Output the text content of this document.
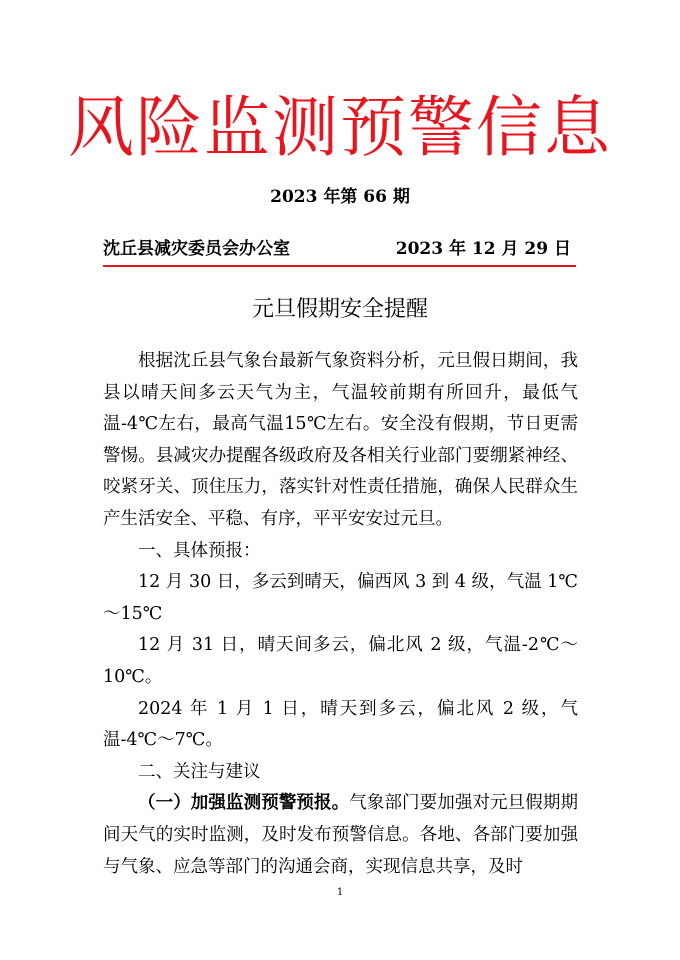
风险监测预警信息
2023 年第 66 期
沈丘县减灾委员会办公室	2023 年 12 月 29 日
元旦假期安全提醒

根据沈丘县气象台最新气象资料分析，元旦假日期间，我县以晴天间多云天气为主，气温较前期有所回升，最低气温-4℃左右，最高气温15℃左右。安全没有假期，节日更需警惕。县减灾办提醒各级政府及各相关行业部门要绷紧神经、咬紧牙关、顶住压力，落实针对性责任措施，确保人民群众生产生活安全、平稳、有序，平平安安过元旦。

一、具体预报：

12 月 30 日，多云到晴天，偏西风 3 到 4 级，气温 1℃～15℃

12 月 31 日，晴天间多云，偏北风 2 级，气温-2℃～10℃。

2024 年 1 月 1 日，晴天到多云，偏北风 2 级，气温-4℃～7℃。

二、关注与建议

（一）加强监测预警预报。气象部门要加强对元旦假期期间天气的实时监测，及时发布预警信息。各地、各部门要加强与气象、应急等部门的沟通会商，实现信息共享，及时

1
